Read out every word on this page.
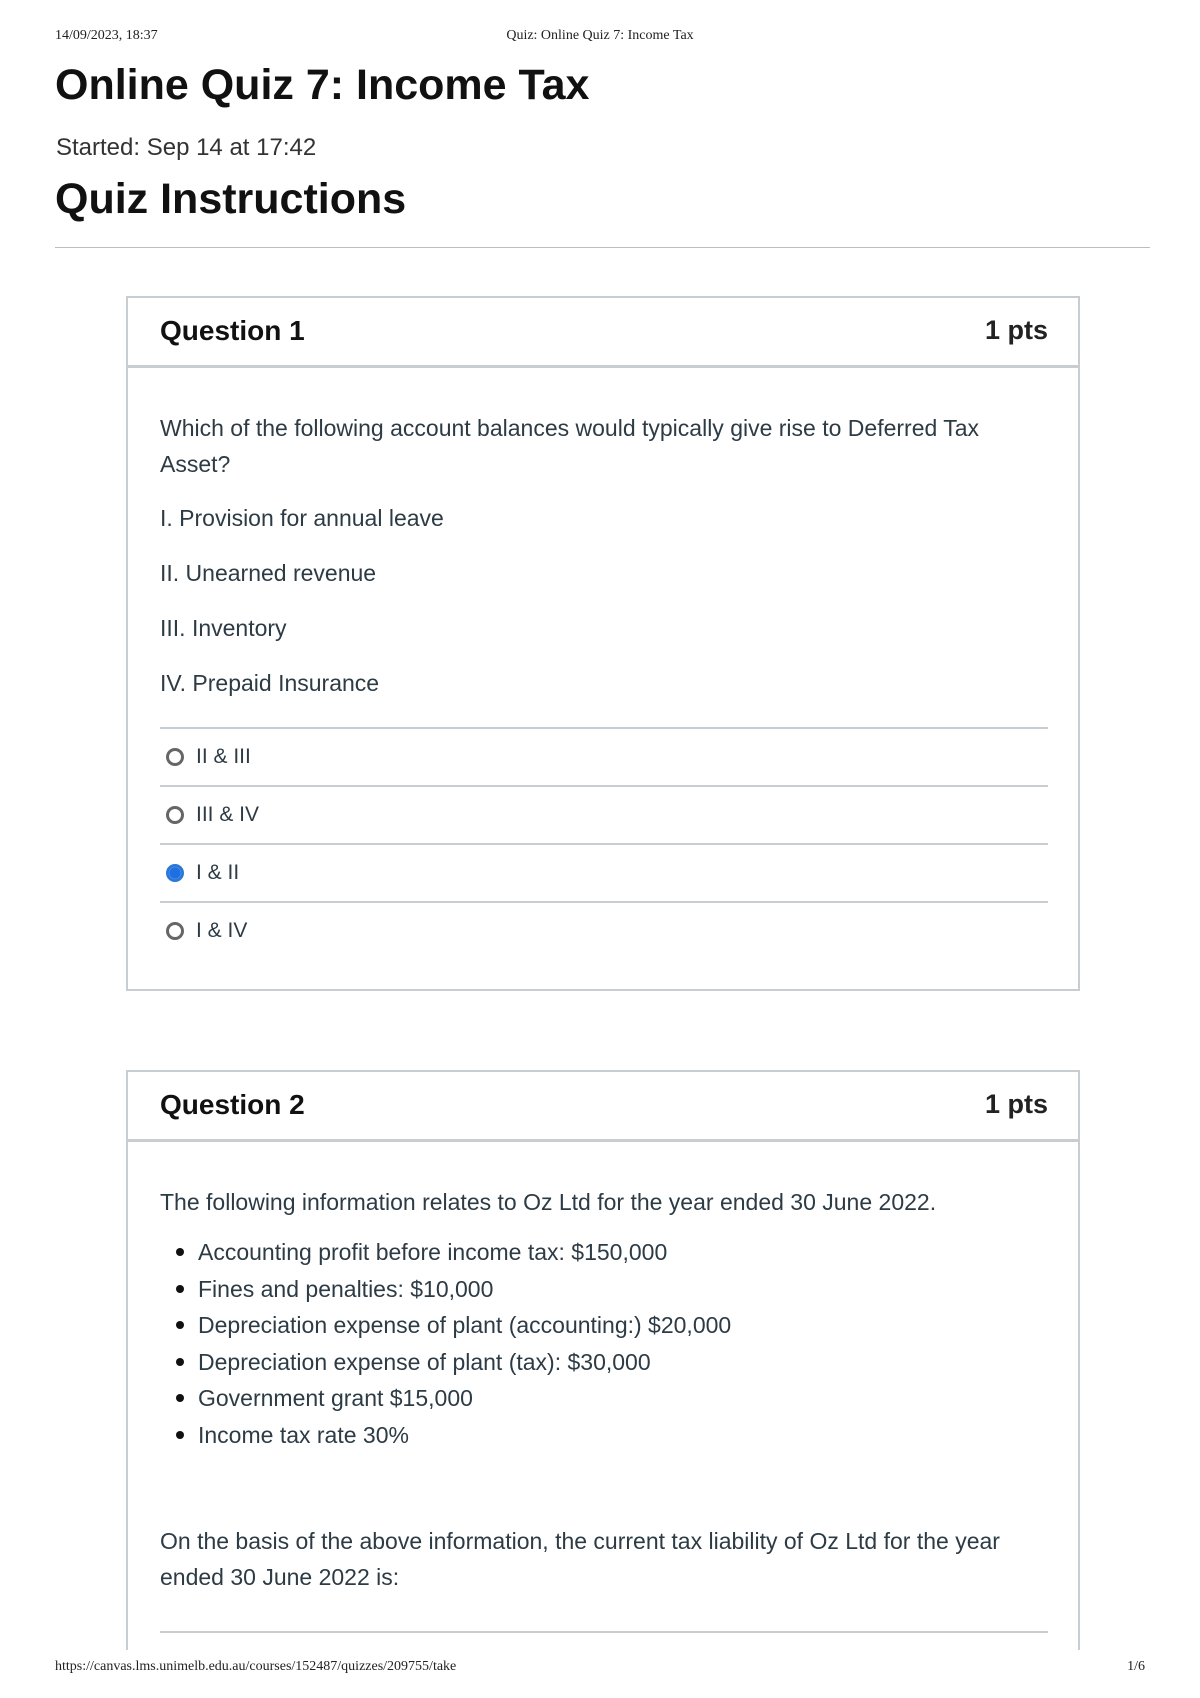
14/09/2023, 18:37	Quiz: Online Quiz 7: Income Tax
Online Quiz 7: Income Tax

Started: Sep 14 at 17:42

Quiz Instructions
Question 1	1 pts

Which of the following account balances would typically give rise to Deferred Tax Asset?

I. Provision for annual leave

II. Unearned revenue

III. Inventory

IV. Prepaid Insurance

II & III
III & IV
I & II
I & IV
Question 2	1 pts

The following information relates to Oz Ltd for the year ended 30 June 2022.

Accounting profit before income tax: $150,000
Fines and penalties: $10,000
Depreciation expense of plant (accounting:) $20,000
Depreciation expense of plant (tax): $30,000
Government grant $15,000
Income tax rate 30%

On the basis of the above information, the current tax liability of Oz Ltd for the year ended 30 June 2022 is:

https://canvas.lms.unimelb.edu.au/courses/152487/quizzes/209755/take	1/6
